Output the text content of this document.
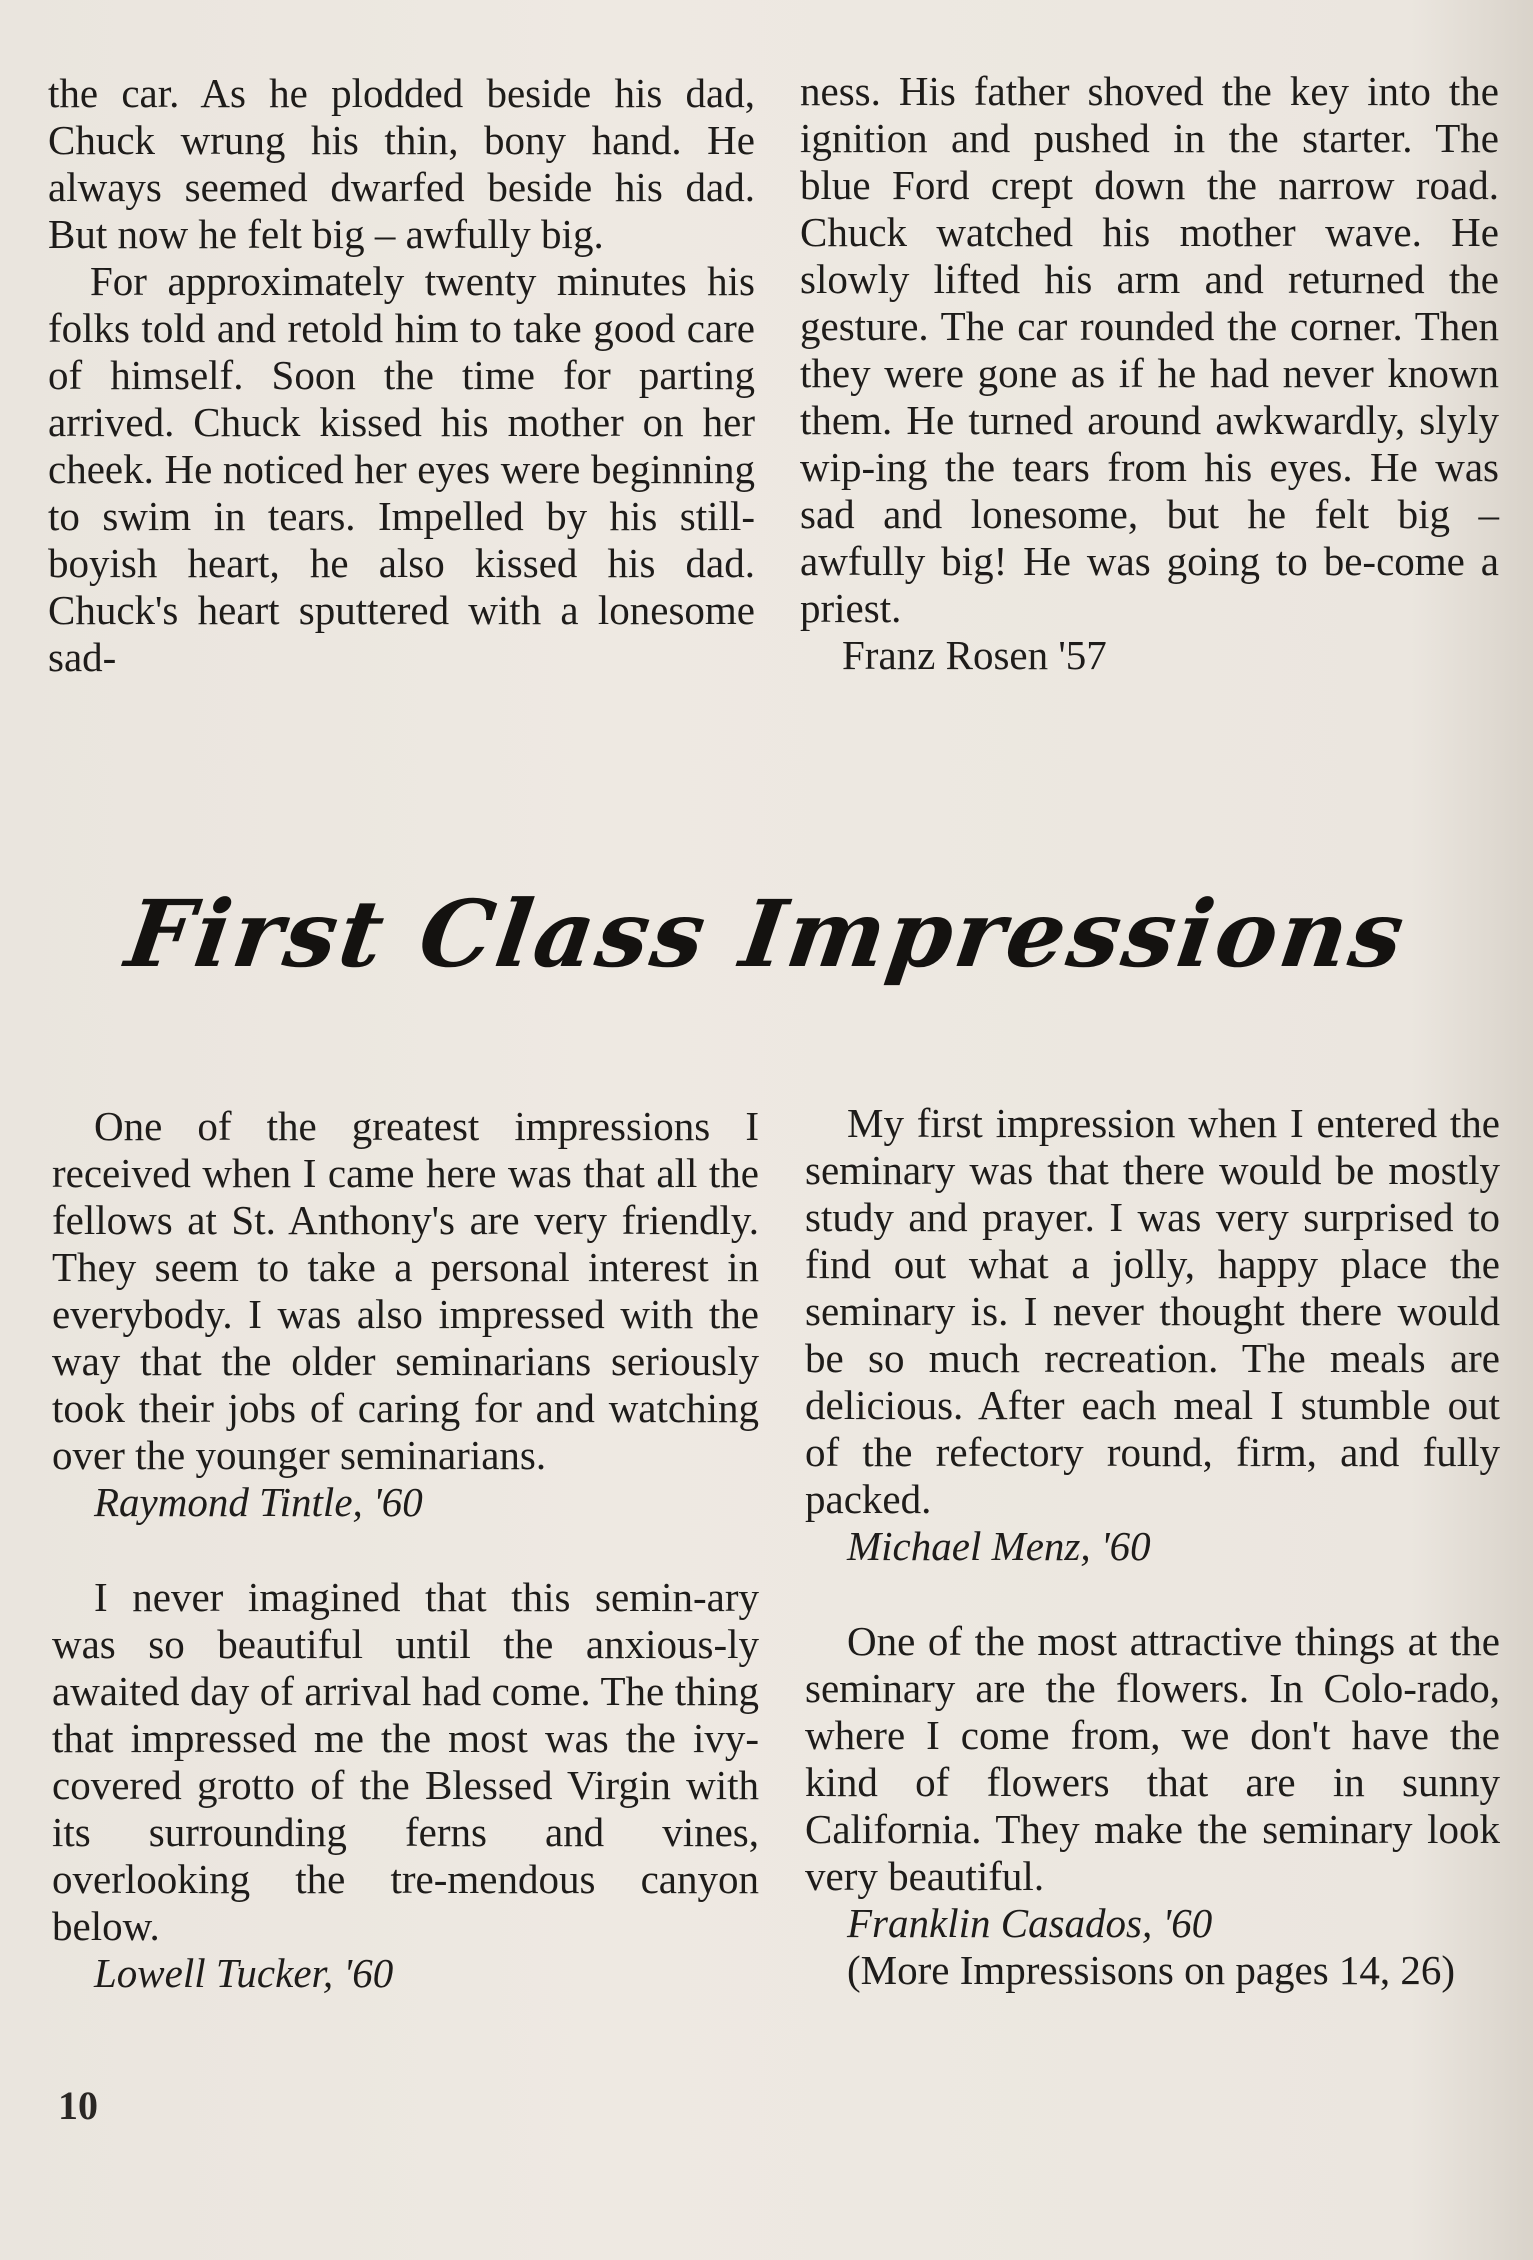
the car. As he plodded beside his dad, Chuck wrung his thin, bony hand. He always seemed dwarfed beside his dad. But now he felt big – awfully big.

For approximately twenty minutes his folks told and retold him to take good care of himself. Soon the time for parting arrived. Chuck kissed his mother on her cheek. He noticed her eyes were beginning to swim in tears. Impelled by his still-boyish heart, he also kissed his dad. Chuck's heart sputtered with a lonesome sad-

ness. His father shoved the key into the ignition and pushed in the starter. The blue Ford crept down the narrow road. Chuck watched his mother wave. He slowly lifted his arm and returned the gesture. The car rounded the corner. Then they were gone as if he had never known them. He turned around awkwardly, slyly wip-ing the tears from his eyes. He was sad and lonesome, but he felt big – awfully big! He was going to be-come a priest.

Franz Rosen '57

First Class Impressions

One of the greatest impressions I received when I came here was that all the fellows at St. Anthony's are very friendly. They seem to take a personal interest in everybody. I was also impressed with the way that the older seminarians seriously took their jobs of caring for and watching over the younger seminarians.

Raymond Tintle, '60

I never imagined that this semin-ary was so beautiful until the anxious-ly awaited day of arrival had come. The thing that impressed me the most was the ivy-covered grotto of the Blessed Virgin with its surrounding ferns and vines, overlooking the tre-mendous canyon below.

Lowell Tucker, '60

My first impression when I entered the seminary was that there would be mostly study and prayer. I was very surprised to find out what a jolly, happy place the seminary is. I never thought there would be so much recreation. The meals are delicious. After each meal I stumble out of the refectory round, firm, and fully packed.

Michael Menz, '60

One of the most attractive things at the seminary are the flowers. In Colo-rado, where I come from, we don't have the kind of flowers that are in sunny California. They make the seminary look very beautiful.

Franklin Casados, '60

(More Impressisons on pages 14, 26)

10
